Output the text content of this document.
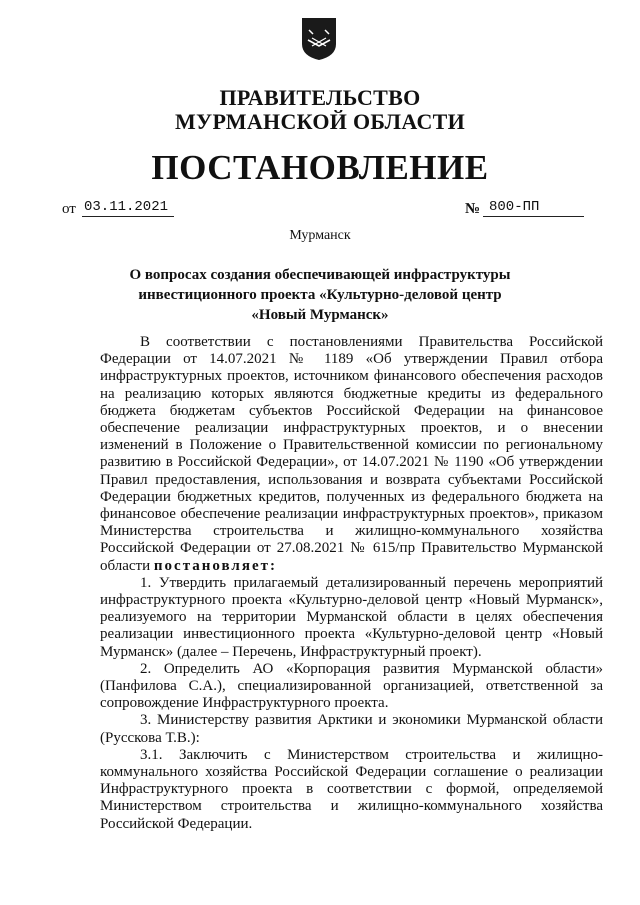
ПРАВИТЕЛЬСТВО
МУРМАНСКОЙ ОБЛАСТИ
ПОСТАНОВЛЕНИЕ
от 03.11.2021	№ 800-ПП
Мурманск
О вопросах создания обеспечивающей инфраструктуры инвестиционного проекта «Культурно-деловой центр «Новый Мурманск»

В соответствии с постановлениями Правительства Российской Федерации от 14.07.2021 № 1189 «Об утверждении Правил отбора инфраструктурных проектов, источником финансового обеспечения расходов на реализацию которых являются бюджетные кредиты из федерального бюджета бюджетам субъектов Российской Федерации на финансовое обеспечение реализации инфраструктурных проектов, и о внесении изменений в Положение о Правительственной комиссии по региональному развитию в Российской Федерации», от 14.07.2021 № 1190 «Об утверждении Правил предоставления, использования и возврата субъектами Российской Федерации бюджетных кредитов, полученных из федерального бюджета на финансовое обеспечение реализации инфраструктурных проектов», приказом Министерства строительства и жилищно-коммунального хозяйства Российской Федерации от 27.08.2021 № 615/пр Правительство Мурманской области постановляет:

1. Утвердить прилагаемый детализированный перечень мероприятий инфраструктурного проекта «Культурно-деловой центр «Новый Мурманск», реализуемого на территории Мурманской области в целях обеспечения реализации инвестиционного проекта «Культурно-деловой центр «Новый Мурманск» (далее – Перечень, Инфраструктурный проект).

2. Определить АО «Корпорация развития Мурманской области» (Панфилова С.А.), специализированной организацией, ответственной за сопровождение Инфраструктурного проекта.

3. Министерству развития Арктики и экономики Мурманской области (Русскова Т.В.):

3.1. Заключить с Министерством строительства и жилищно-коммунального хозяйства Российской Федерации соглашение о реализации Инфраструктурного проекта в соответствии с формой, определяемой Министерством строительства и жилищно-коммунального хозяйства Российской Федерации.
